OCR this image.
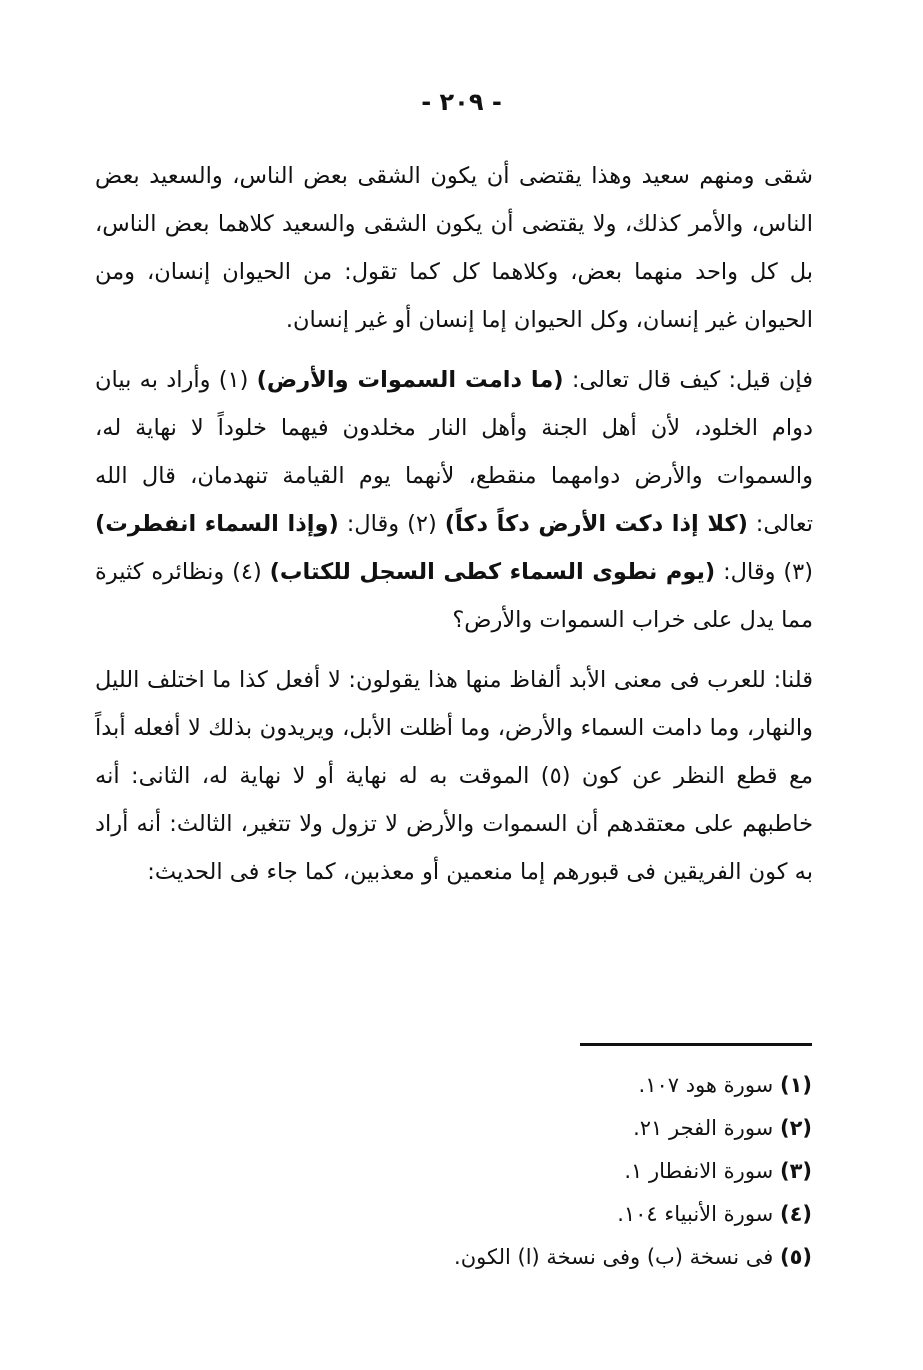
- ٢٠٩ -

شقى ومنهم سعيد وهذا يقتضى أن يكون الشقى بعض الناس، والسعيد بعض الناس، والأمر كذلك، ولا يقتضى أن يكون الشقى والسعيد كلاهما بعض الناس، بل كل واحد منهما بعض، وكلاهما كل كما تقول: من الحيوان إنسان، ومن الحيوان غير إنسان، وكل الحيوان إما إنسان أو غير إنسان.

فإن قيل: كيف قال تعالى: (ما دامت السموات والأرض) (١) وأراد به بيان دوام الخلود، لأن أهل الجنة وأهل النار مخلدون فيهما خلوداً لا نهاية له، والسموات والأرض دوامهما منقطع، لأنهما يوم القيامة تنهدمان، قال الله تعالى: (كلا إذا دكت الأرض دكاً دكاً) (٢) وقال: (وإذا السماء انفطرت) (٣) وقال: (يوم نطوى السماء كطى السجل للكتاب) (٤) ونظائره كثيرة مما يدل على خراب السموات والأرض؟

قلنا: للعرب فى معنى الأبد ألفاظ منها هذا يقولون: لا أفعل كذا ما اختلف الليل والنهار، وما دامت السماء والأرض، وما أظلت الأبل، ويريدون بذلك لا أفعله أبداً مع قطع النظر عن كون (٥) الموقت به له نهاية أو لا نهاية له، الثانى: أنه خاطبهم على معتقدهم أن السموات والأرض لا تزول ولا تتغير، الثالث: أنه أراد به كون الفريقين فى قبورهم إما منعمين أو معذبين، كما جاء فى الحديث:

(١) سورة هود ١٠٧.
(٢) سورة الفجر ٢١.
(٣) سورة الانفطار ١.
(٤) سورة الأنبياء ١٠٤.
(٥) فى نسخة (ب) وفى نسخة (ا) الكون.
